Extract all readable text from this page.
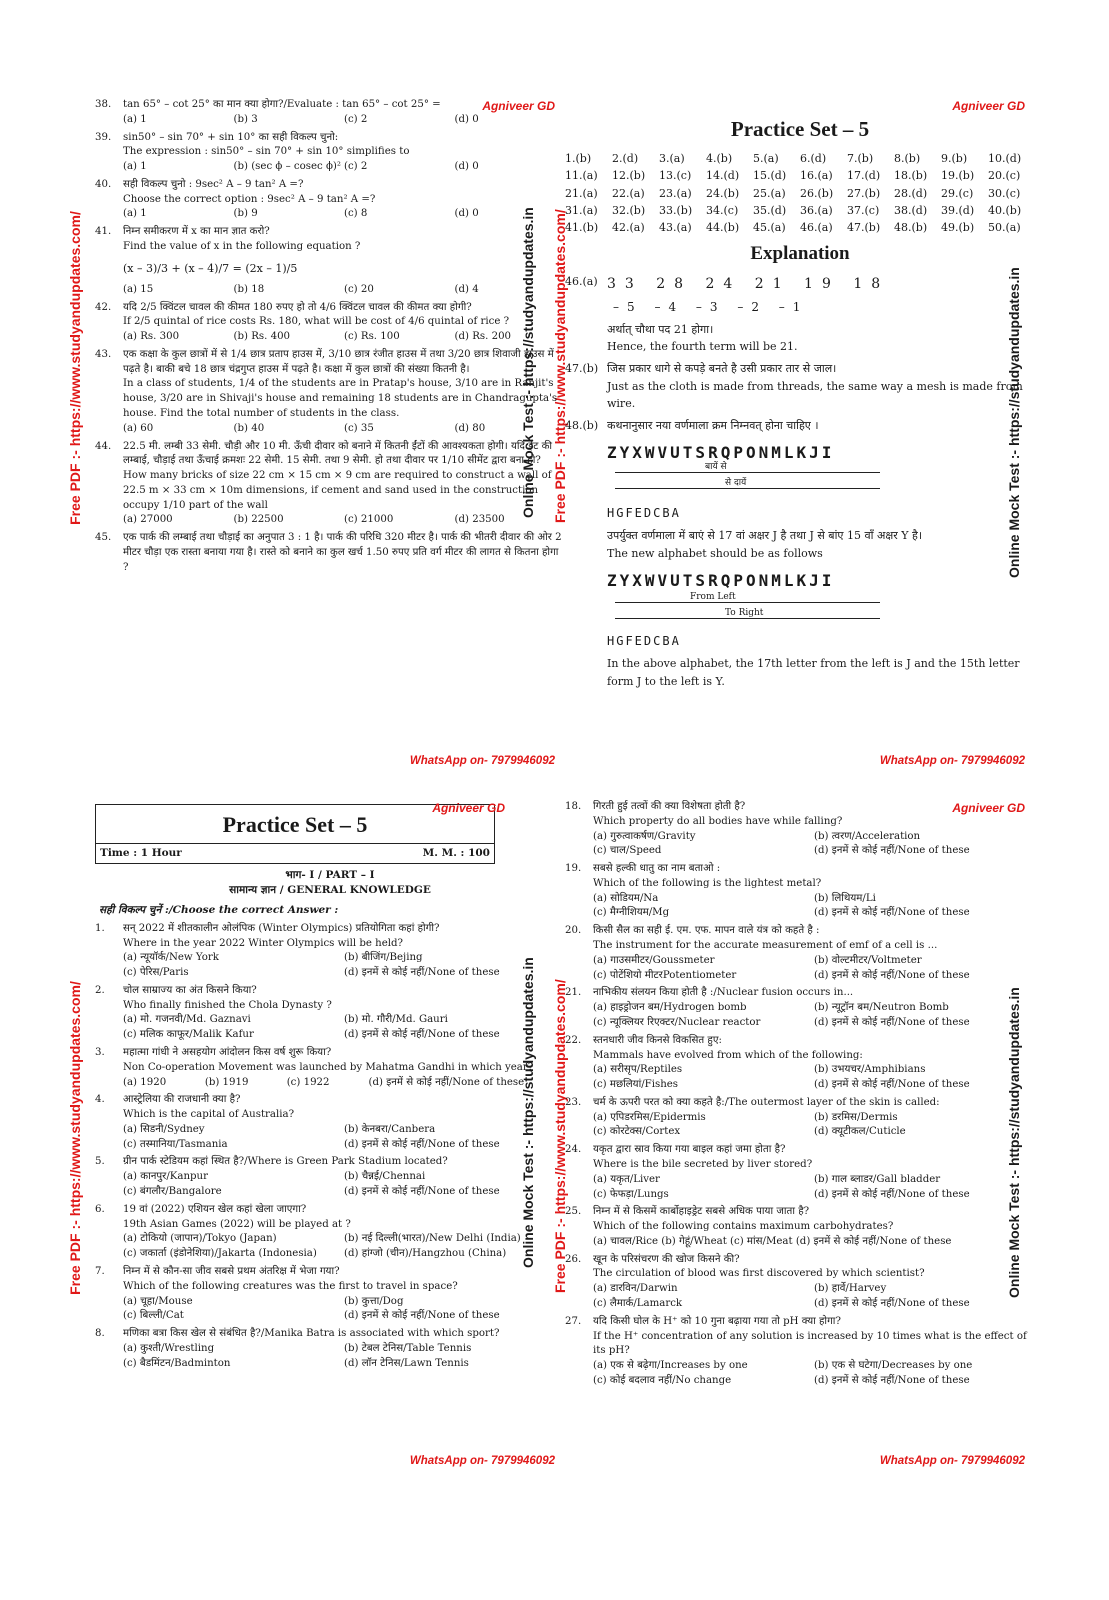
Free PDF :- https://www.studyandupdates.com/	Online Mock Test :- https://studyandupdates.in Free PDF :- https://www.studyandupdates.com/	Online Mock Test :- https://studyandupdates.in
Free PDF :- https://www.studyandupdates.com/	Online Mock Test :- https://studyandupdates.in Free PDF :- https://www.studyandupdates.com/	Online Mock Test :- https://studyandupdates.in
Agniveer GD
38.	tan 65° – cot 25° का मान क्या होगा?/Evaluate : tan 65° – cot 25° =
(a) 1	(b) 3	(c) 2	(d) 0
39.	sin50° – sin 70° + sin 10° का सही विकल्प चुनो:
The expression : sin50° – sin 70° + sin 10° simplifies to
(a) 1	(b) (sec ϕ – cosec ϕ)² (c) 2	(d) 0
40.	सही विकल्प चुनो : 9sec² A – 9 tan² A =?
Choose the correct option : 9sec² A – 9 tan² A =?
(a) 1	(b) 9	(c) 8	(d) 0
41.	निम्न समीकरण में x का मान ज्ञात करो?
Find the value of x in the following equation ?
(x – 3)/3 + (x – 4)/7 = (2x – 1)/5
(a) 15	(b) 18	(c) 20	(d) 4
42.	यदि 2/5 क्विंटल चावल की कीमत 180 रुपए हो तो 4/6 क्विंटल चावल की कीमत क्या होगी?
If 2/5 quintal of rice costs Rs. 180, what will be cost of 4/6 quintal of rice ?
(a) Rs. 300	(b) Rs. 400	(c) Rs. 100	(d) Rs. 200
43.	एक कक्षा के कुल छात्रों में से 1/4 छात्र प्रताप हाउस में, 3/10 छात्र रंजीत हाउस में तथा 3/20 छात्र शिवाजी हाउस में पढ़ते है। बाकी बचे 18 छात्र चंद्रगुप्त हाउस में पढ़ते है। कक्षा में कुल छात्रों की संख्या कितनी है।
In a class of students, 1/4 of the students are in Pratap's house, 3/10 are in Ranjit's house, 3/20 are in Shivaji's house and remaining 18 students are in Chandragupta's house. Find the total number of students in the class.
(a) 60	(b) 40	(c) 35	(d) 80
44.	22.5 मी. लम्बी 33 सेमी. चौड़ी और 10 मी. ऊँची दीवार को बनाने में कितनी ईंटों की आवश्यकता होगी। यदि ईंट की लम्बाई, चौड़ाई तथा ऊँचाई क्रमशः 22 सेमी. 15 सेमी. तथा 9 सेमी. हो तथा दीवार पर 1/10 सीमेंट द्वारा बना हो?
How many bricks of size 22 cm × 15 cm × 9 cm are required to construct a wall of 22.5 m × 33 cm × 10m dimensions, if cement and sand used in the construction occupy 1/10 part of the wall
(a) 27000	(b) 22500	(c) 21000	(d) 23500
45.	एक पार्क की लम्बाई तथा चौड़ाई का अनुपात 3 : 1 है। पार्क की परिधि 320 मीटर है। पार्क की भीतरी दीवार की ओर 2 मीटर चौड़ा एक रास्ता बनाया गया है। रास्ते को बनाने का कुल खर्च 1.50 रुपए प्रति वर्ग मीटर की लागत से कितना होगा ?
WhatsApp on- 7979946092
Agniveer GD
Practice Set – 5
1.(b)	2.(d)	3.(a)	4.(b)	5.(a)	6.(d)	7.(b)	8.(b)	9.(b)	10.(d)
11.(a)	12.(b)	13.(c)	14.(d)	15.(d)	16.(a)	17.(d)	18.(b)	19.(b)	20.(c)
21.(a)	22.(a)	23.(a)	24.(b)	25.(a)	26.(b)	27.(b)	28.(d)	29.(c)	30.(c)
31.(a)	32.(b)	33.(b)	34.(c)	35.(d)	36.(a)	37.(c)	38.(d)	39.(d)	40.(b)
41.(b)	42.(a)	43.(a)	44.(b)	45.(a)	46.(a)	47.(b)	48.(b)	49.(b)	50.(a)
Explanation
46.(a) 33 28 24 21 19 18
–5 –4 –3 –2 –1
अर्थात् चौथा पद 21 होगा।
Hence, the fourth term will be 21.
47.(b) जिस प्रकार धागे से कपड़े बनते है उसी प्रकार तार से जाल।
Just as the cloth is made from threads, the same way a mesh is made from wire.
48.(b) कथनानुसार नया वर्णमाला क्रम निम्नवत् होना चाहिए ।
ZYXWVUTSRQPONMLKJI
बायें से
से दायें
HGFEDCBA
उपर्युक्त वर्णमाला में बाएं से 17 वां अक्षर J है तथा J से बांए 15 वाँ अक्षर Y है।
The new alphabet should be as follows
ZYXWVUTSRQPONMLKJI
From Left
To Right
HGFEDCBA
In the above alphabet, the 17th letter from the left is J and the 15th letter form J to the left is Y.
WhatsApp on- 7979946092
Agniveer GD
Practice Set – 5
Time : 1 Hour	M. M. : 100
भाग- I / PART – I
सामान्य ज्ञान / GENERAL KNOWLEDGE
सही विकल्प चुनें :/Choose the correct Answer :
1.	सन् 2022 में शीतकालीन ओलंपिक (Winter Olympics) प्रतियोगिता कहां होगी?
Where in the year 2022 Winter Olympics will be held?
(a) न्यूयॉर्क/New York	(b) बीजिंग/Bejing
(c) पेरिस/Paris	(d) इनमें से कोई नहीं/None of these
2.	चोल साम्राज्य का अंत किसने किया?
Who finally finished the Chola Dynasty ?
(a) मो. गजनवी/Md. Gaznavi	(b) मो. गौरी/Md. Gauri
(c) मलिक काफूर/Malik Kafur	(d) इनमें से कोई नहीं/None of these
3.	महात्मा गांधी ने असहयोग आंदोलन किस वर्ष शुरू किया?
Non Co-operation Movement was launched by Mahatma Gandhi in which year?
(a) 1920	(b) 1919	(c) 1922	(d) इनमें से कोई नहीं/None of these
4.	आस्ट्रेलिया की राजधानी क्या है?
Which is the capital of Australia?
(a) सिडनी/Sydney	(b) केनबरा/Canbera
(c) तस्मानिया/Tasmania	(d) इनमें से कोई नहीं/None of these
5.	ग्रीन पार्क स्टेडियम कहां स्थित है?/Where is Green Park Stadium located?
(a) कानपुर/Kanpur	(b) चैन्नई/Chennai
(c) बंगलौर/Bangalore	(d) इनमें से कोई नहीं/None of these
6.	19 वां (2022) एशियन खेल कहां खेला जाएगा?
19th Asian Games (2022) will be played at ?
(a) टोकियो (जापान)/Tokyo (Japan)	(b) नई दिल्ली(भारत)/New Delhi (India)
(c) जकार्ता (इंडोनेशिया)/Jakarta (Indonesia)	(d) हांग्जो (चीन)/Hangzhou (China)
7.	निम्न में से कौन-सा जीव सबसे प्रथम अंतरिक्ष में भेजा गया?
Which of the following creatures was the first to travel in space?
(a) चूहा/Mouse	(b) कुत्ता/Dog
(c) बिल्ली/Cat	(d) इनमें से कोई नहीं/None of these
8.	मणिका बत्रा किस खेल से संबंधित है?/Manika Batra is associated with which sport?
(a) कुश्ती/Wrestling	(b) टेबल टेनिस/Table Tennis
(c) बैडमिंटन/Badminton	(d) लॉन टेनिस/Lawn Tennis
WhatsApp on- 7979946092
Agniveer GD
18.	गिरती हुई तत्वों की क्या विशेषता होती है?
Which property do all bodies have while falling?
(a) गुरुत्वाकर्षण/Gravity	(b) त्वरण/Acceleration
(c) चाल/Speed	(d) इनमें से कोई नहीं/None of these
19.	सबसे हल्की धातु का नाम बताओ :
Which of the following is the lightest metal?
(a) सोडियम/Na	(b) लिथियम/Li
(c) मैग्नीशियम/Mg	(d) इनमें से कोई नहीं/None of these
20.	किसी सैल का सही ई. एम. एफ. मापन वाले यंत्र को कहते है :
The instrument for the accurate measurement of emf of a cell is ...
(a) गाउसमीटर/Goussmeter	(b) वोल्टमीटर/Voltmeter
(c) पोटेंशियो मीटरPotentiometer	(d) इनमें से कोई नहीं/None of these
21.	नाभिकीय संलयन किया होती है :/Nuclear fusion occurs in...
(a) हाइड्रोजन बम/Hydrogen bomb	(b) न्यूट्रॉन बम/Neutron Bomb
(c) न्यूक्लियर रिएक्टर/Nuclear reactor	(d) इनमें से कोई नहीं/None of these
22.	स्तनधारी जीव किनसे विकसित हुए:
Mammals have evolved from which of the following:
(a) सरीसृप/Reptiles	(b) उभयचर/Amphibians
(c) मछलियां/Fishes	(d) इनमें से कोई नहीं/None of these
23.	चर्म के ऊपरी परत को क्या कहते है:/The outermost layer of the skin is called:
(a) एपिडरमिस/Epidermis	(b) डरमिस/Dermis
(c) कोरटेक्स/Cortex	(d) क्यूटीकल/Cuticle
24.	यकृत द्वारा स्राव किया गया बाइल कहां जमा होता है?
Where is the bile secreted by liver stored?
(a) यकृत/Liver	(b) गाल ब्लाडर/Gall bladder
(c) फेफड़ा/Lungs	(d) इनमें से कोई नहीं/None of these
25.	निम्न में से किसमें कार्बोहाइड्रेट सबसे अधिक पाया जाता है?
Which of the following contains maximum carbohydrates?
(a) चावल/Rice (b) गेहूं/Wheat (c) मांस/Meat (d) इनमें से कोई नहीं/None of these
26.	खून के परिसंचरण की खोज किसने की?
The circulation of blood was first discovered by which scientist?
(a) डारविन/Darwin	(b) हार्वे/Harvey
(c) लैमार्क/Lamarck	(d) इनमें से कोई नहीं/None of these
27.	यदि किसी घोल के H⁺ को 10 गुना बढ़ाया गया तो pH क्या होगा?
If the H⁺ concentration of any solution is increased by 10 times what is the effect of its pH?
(a) एक से बढ़ेगा/Increases by one	(b) एक से घटेगा/Decreases by one
(c) कोई बदलाव नहीं/No change	(d) इनमें से कोई नहीं/None of these
WhatsApp on- 7979946092
